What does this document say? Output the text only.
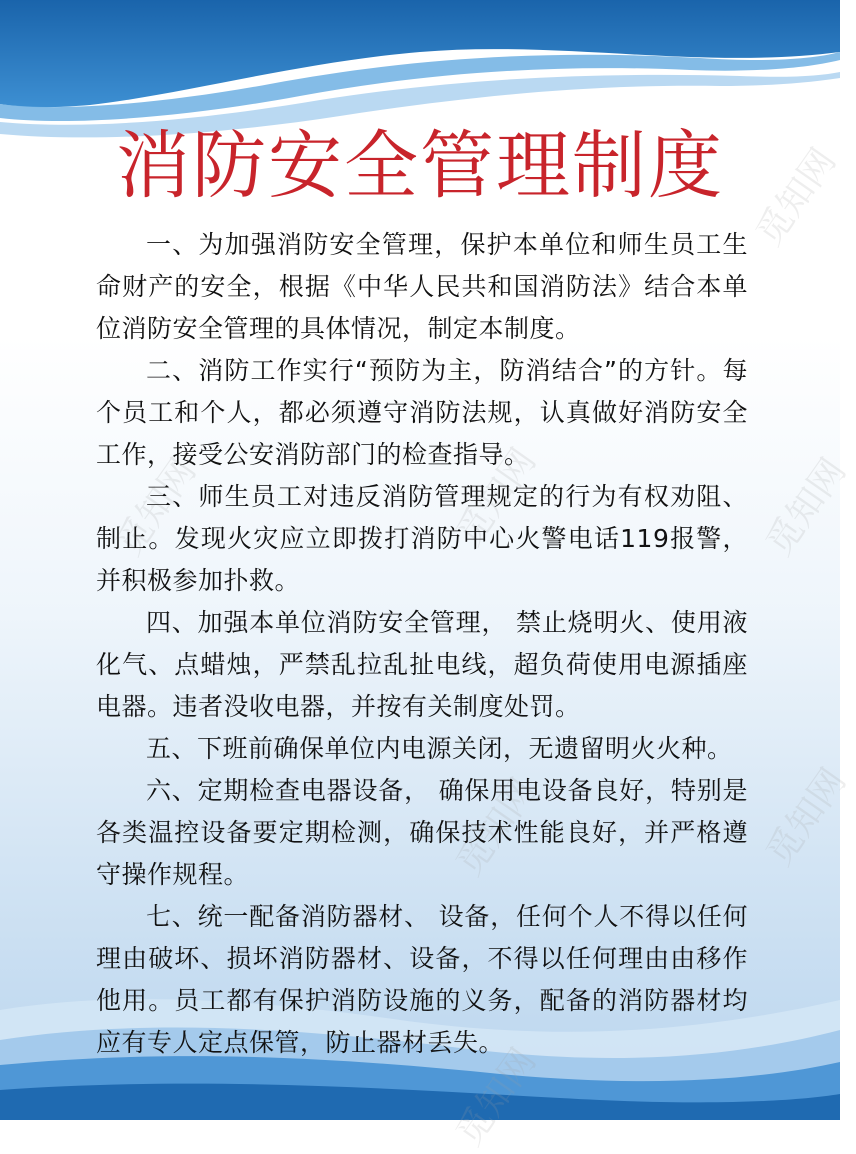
觅知网
觅知网
觅知网	觅知网
觅知网	觅知网
消防安全管理制度

一、为加强消防安全管理，保护本单位和师生员工生命财产的安全，根据《中华人民共和国消防法》结合本单位消防安全管理的具体情况，制定本制度。

二、消防工作实行“预防为主，防消结合”的方针。每个员工和个人，都必须遵守消防法规，认真做好消防安全工作，接受公安消防部门的检查指导。

三、师生员工对违反消防管理规定的行为有权劝阻、制止。发现火灾应立即拨打消防中心火警电话119报警，并积极参加扑救。

四、加强本单位消防安全管理， 禁止烧明火、使用液化气、点蜡烛，严禁乱拉乱扯电线，超负荷使用电源插座电器。违者没收电器，并按有关制度处罚。

五、下班前确保单位内电源关闭，无遗留明火火种。

六、定期检查电器设备， 确保用电设备良好，特别是各类温控设备要定期检测，确保技术性能良好，并严格遵守操作规程。

七、统一配备消防器材、 设备，任何个人不得以任何理由破坏、损坏消防器材、设备，不得以任何理由由移作他用。员工都有保护消防设施的义务，配备的消防器材均应有专人定点保管，防止器材丢失。
